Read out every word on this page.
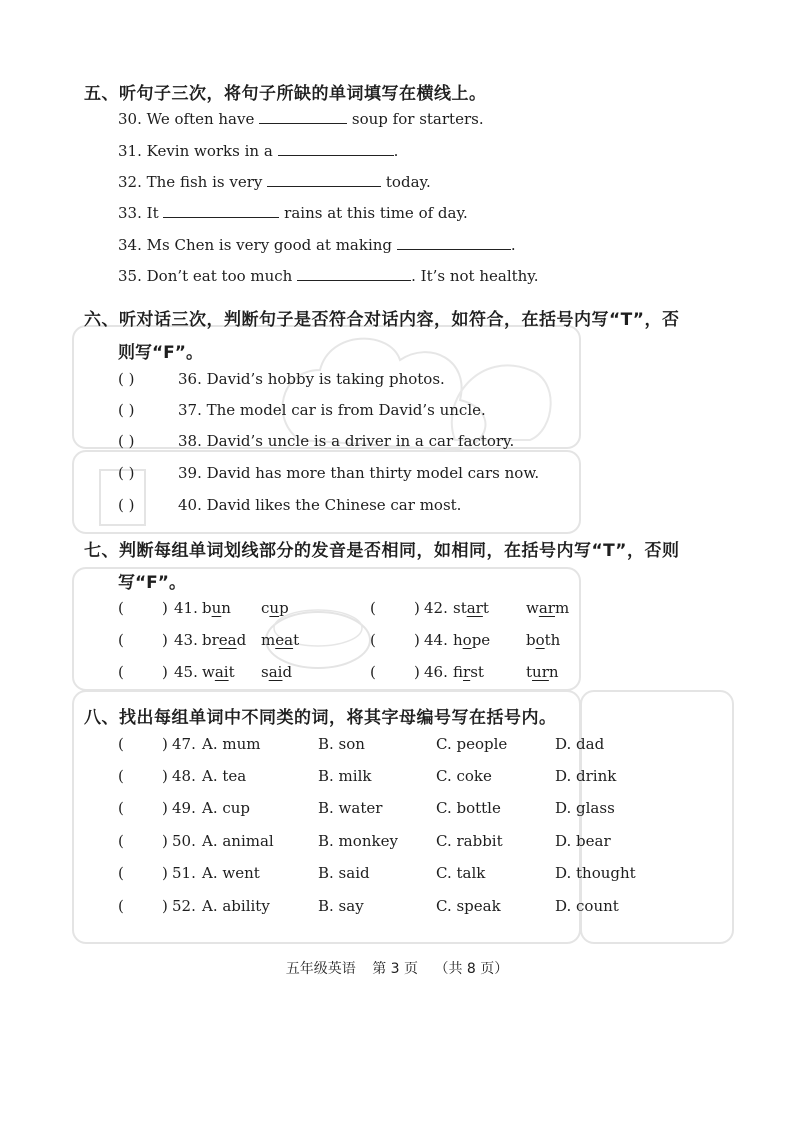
五、听句子三次，将句子所缺的单词填写在横线上。
30. We often have	soup for starters.
31. Kevin works in a	.
32. The fish is very	today.
33. It	rains at this time of day.
34. Ms Chen is very good at making	.
35. Don’t eat too much	. It’s not healthy.
六、听对话三次，判断句子是否符合对话内容，如符合，在括号内写“T”，否
则写“F”。
( )	36. David’s hobby is taking photos.
( )	37. The model car is from David’s uncle.
( )	38. David’s uncle is a driver in a car factory.
( )	39. David has more than thirty model cars now.
( )	40. David likes the Chinese car most.
七、判断每组单词划线部分的发音是否相同，如相同，在括号内写“T”，否则
写“F”。
(        ) 41. bun cup	(        ) 42. start warm
(        ) 43. bread meat	(        ) 44. hope both
(        ) 45. wait said	(        ) 46. first	turn
八、找出每组单词中不同类的词，将其字母编号写在括号内。
(        ) 47. A. mum	B. son	C. people	D. dad
(        ) 48. A. tea	B. milk	C. coke	D. drink
(        ) 49. A. cup	B. water	C. bottle	D. glass
(        ) 50. A. animal	B. monkey	C. rabbit	D. bear
(        ) 51. A. went	B. said	C. talk	D. thought
(        ) 52. A. ability	B. say	C. speak	D. count
五年级英语 第 3 页 （共 8 页）
